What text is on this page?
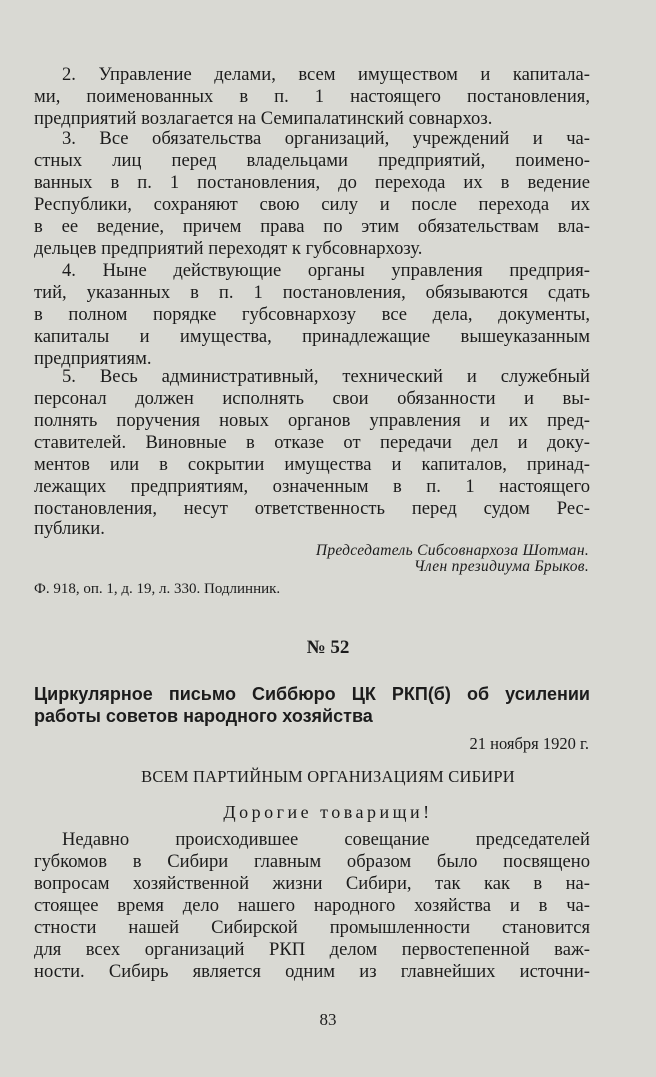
2. Управление делами, всем имуществом и капитала-
ми, поименованных в п. 1 настоящего постановления,
предприятий возлагается на Семипалатинский совнархоз.
3. Все обязательства организаций, учреждений и ча-
стных лиц перед владельцами предприятий, поимено-
ванных в п. 1 постановления, до перехода их в ведение
Республики, сохраняют свою силу и после перехода их
в ее ведение, причем права по этим обязательствам вла-
дельцев предприятий переходят к губсовнархозу.
4. Ныне действующие органы управления предприя-
тий, указанных в п. 1 постановления, обязываются сдать
в полном порядке губсовнархозу все дела, документы,
капиталы и имущества, принадлежащие вышеуказанным
предприятиям.
5. Весь административный, технический и служебный
персонал должен исполнять свои обязанности и вы-
полнять поручения новых органов управления и их пред-
ставителей. Виновные в отказе от передачи дел и доку-
ментов или в сокрытии имущества и капиталов, принад-
лежащих предприятиям, означенным в п. 1 настоящего
постановления, несут ответственность перед судом Рес-
публики.
Председатель Сибсовнархоза Шотман.
Член президиума Брыков.
Ф. 918, оп. 1, д. 19, л. 330. Подлинник.
№ 52
Циркулярное письмо Сиббюро ЦК РКП(б) об усилении
работы советов народного хозяйства
21 ноября 1920 г.
ВСЕМ ПАРТИЙНЫМ ОРГАНИЗАЦИЯМ СИБИРИ
Дорогие товарищи!
Недавно происходившее совещание председателей
губкомов в Сибири главным образом было посвящено
вопросам хозяйственной жизни Сибири, так как в на-
стоящее время дело нашего народного хозяйства и в ча-
стности нашей Сибирской промышленности становится
для всех организаций РКП делом первостепенной важ-
ности. Сибирь является одним из главнейших источни-
83
